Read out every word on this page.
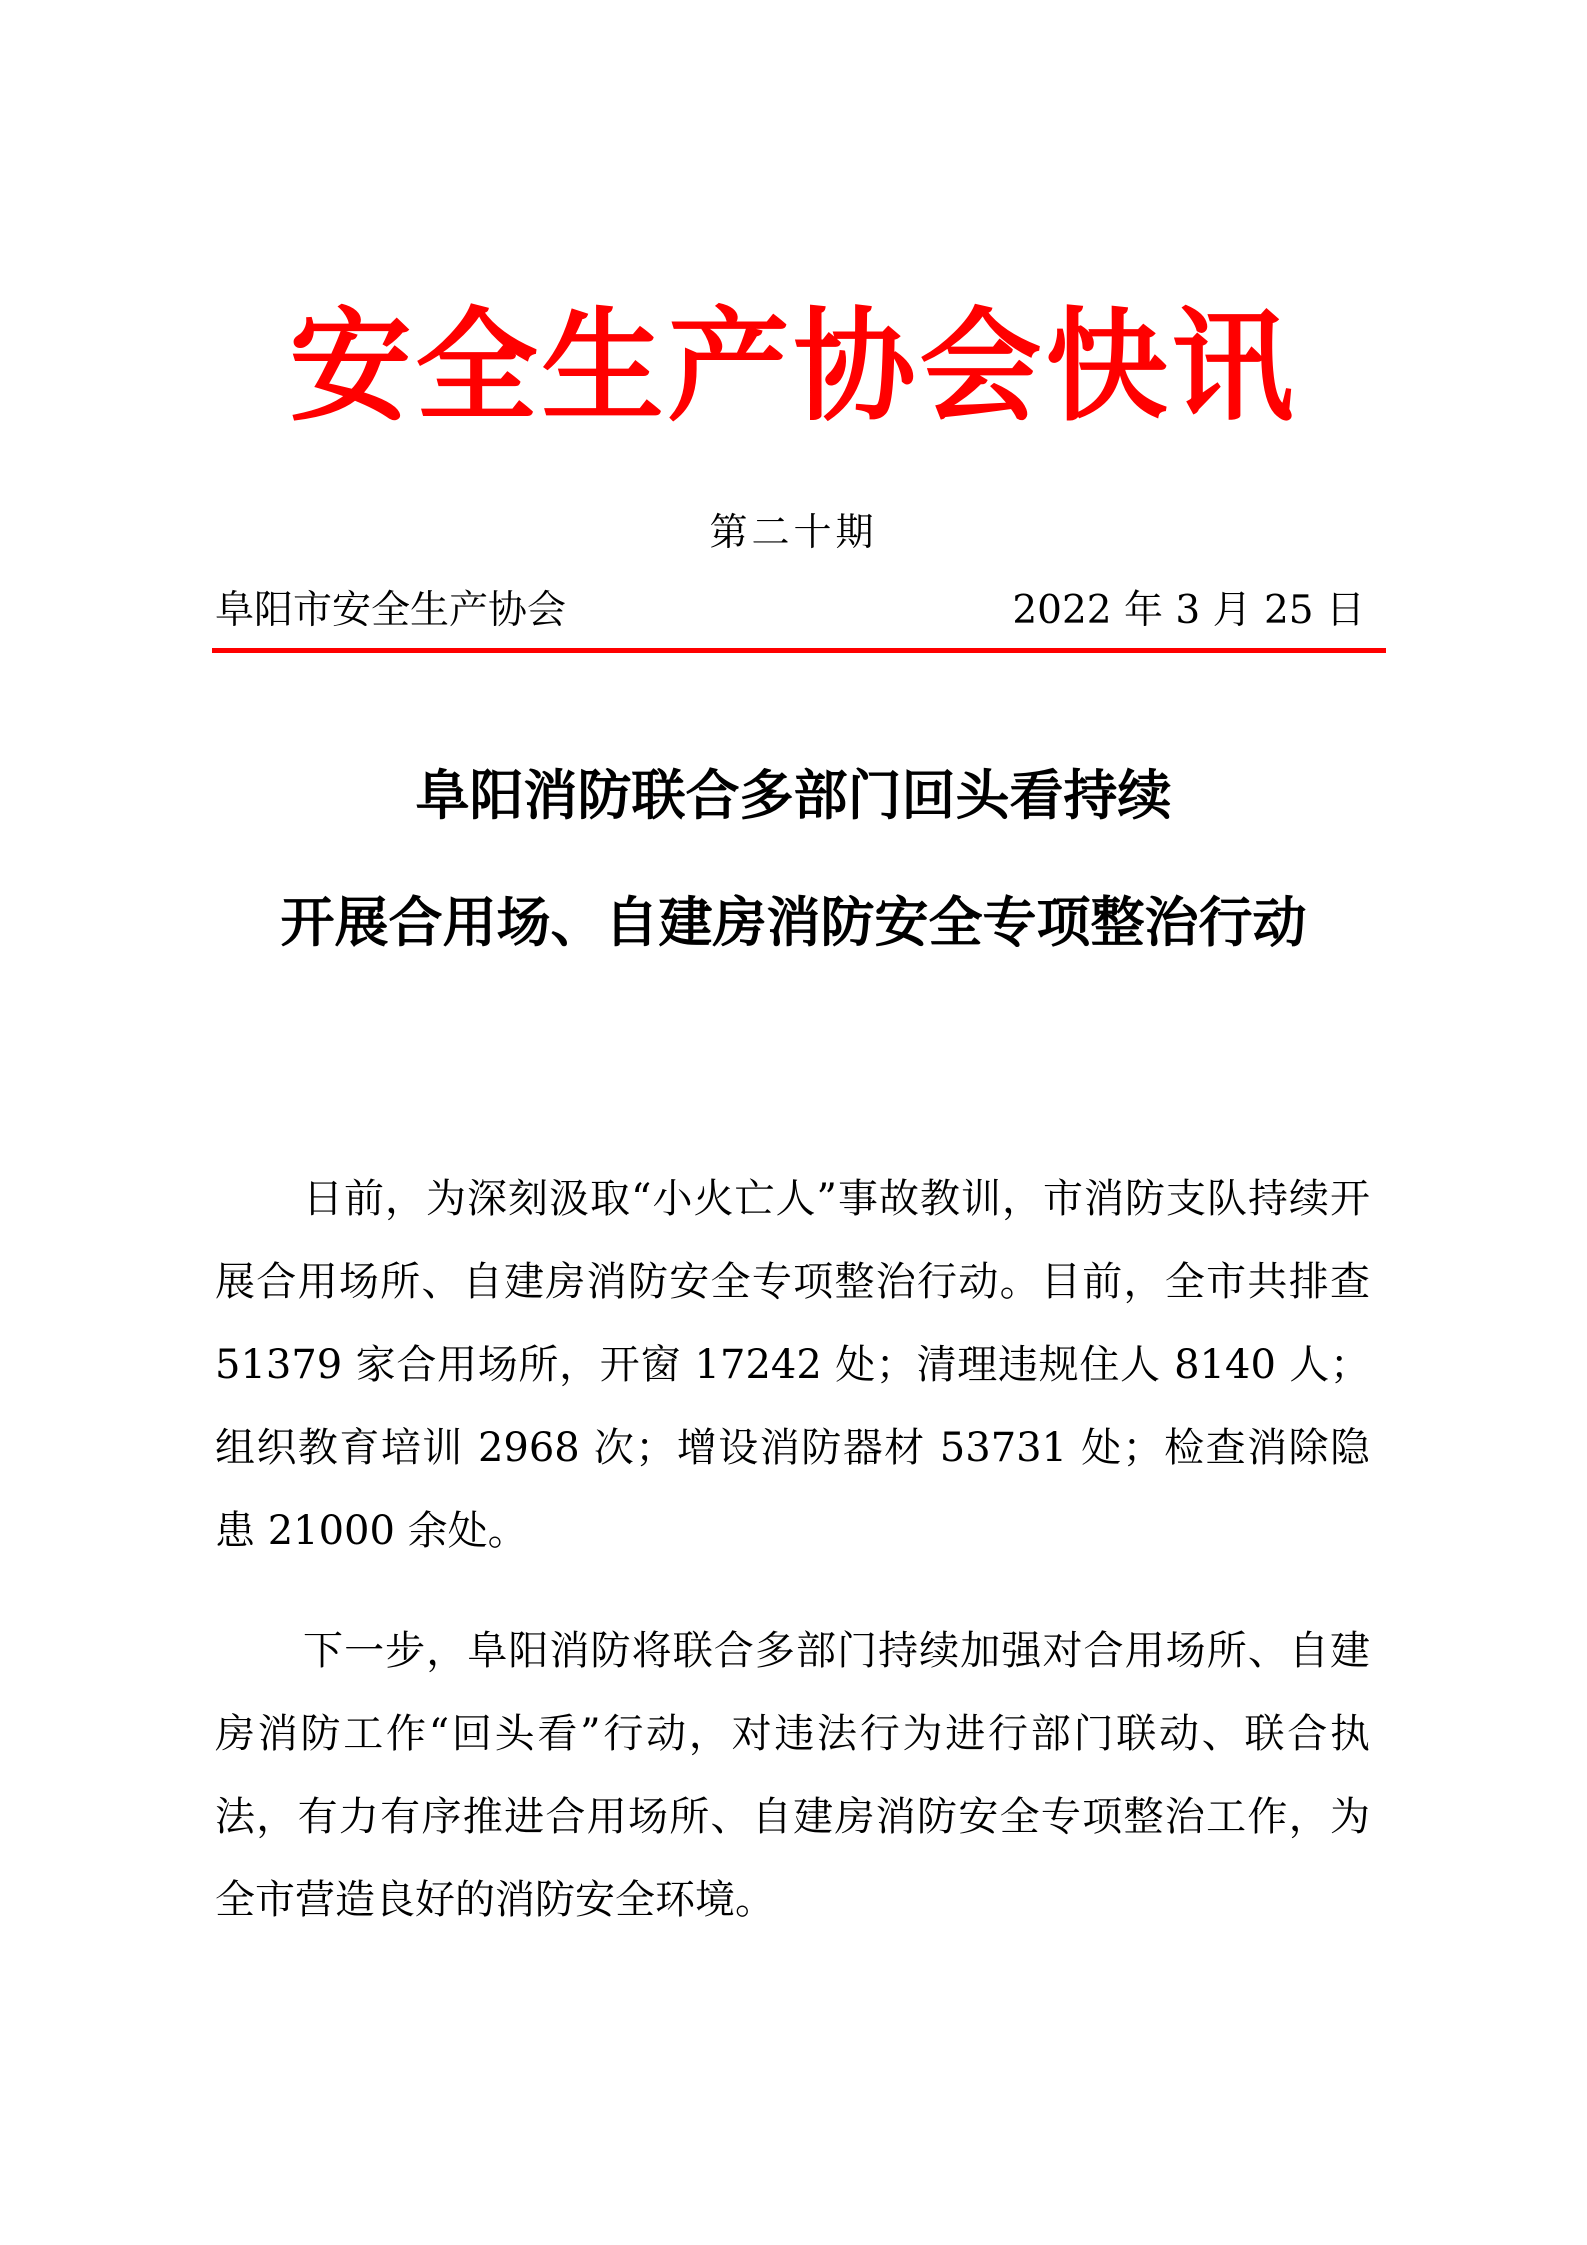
安全生产协会快讯
第二十期
阜阳市安全生产协会	2022 年 3 月 25 日
阜阳消防联合多部门回头看持续
开展合用场、自建房消防安全专项整治行动

日前，为深刻汲取“小火亡人”事故教训，市消防支队持续开展合用场所、自建房消防安全专项整治行动。目前，全市共排查 51379 家合用场所，开窗 17242 处；清理违规住人 8140 人；组织教育培训 2968 次；增设消防器材 53731 处；检查消除隐患 21000 余处。

下一步，阜阳消防将联合多部门持续加强对合用场所、自建房消防工作“回头看”行动，对违法行为进行部门联动、联合执法，有力有序推进合用场所、自建房消防安全专项整治工作，为全市营造良好的消防安全环境。
